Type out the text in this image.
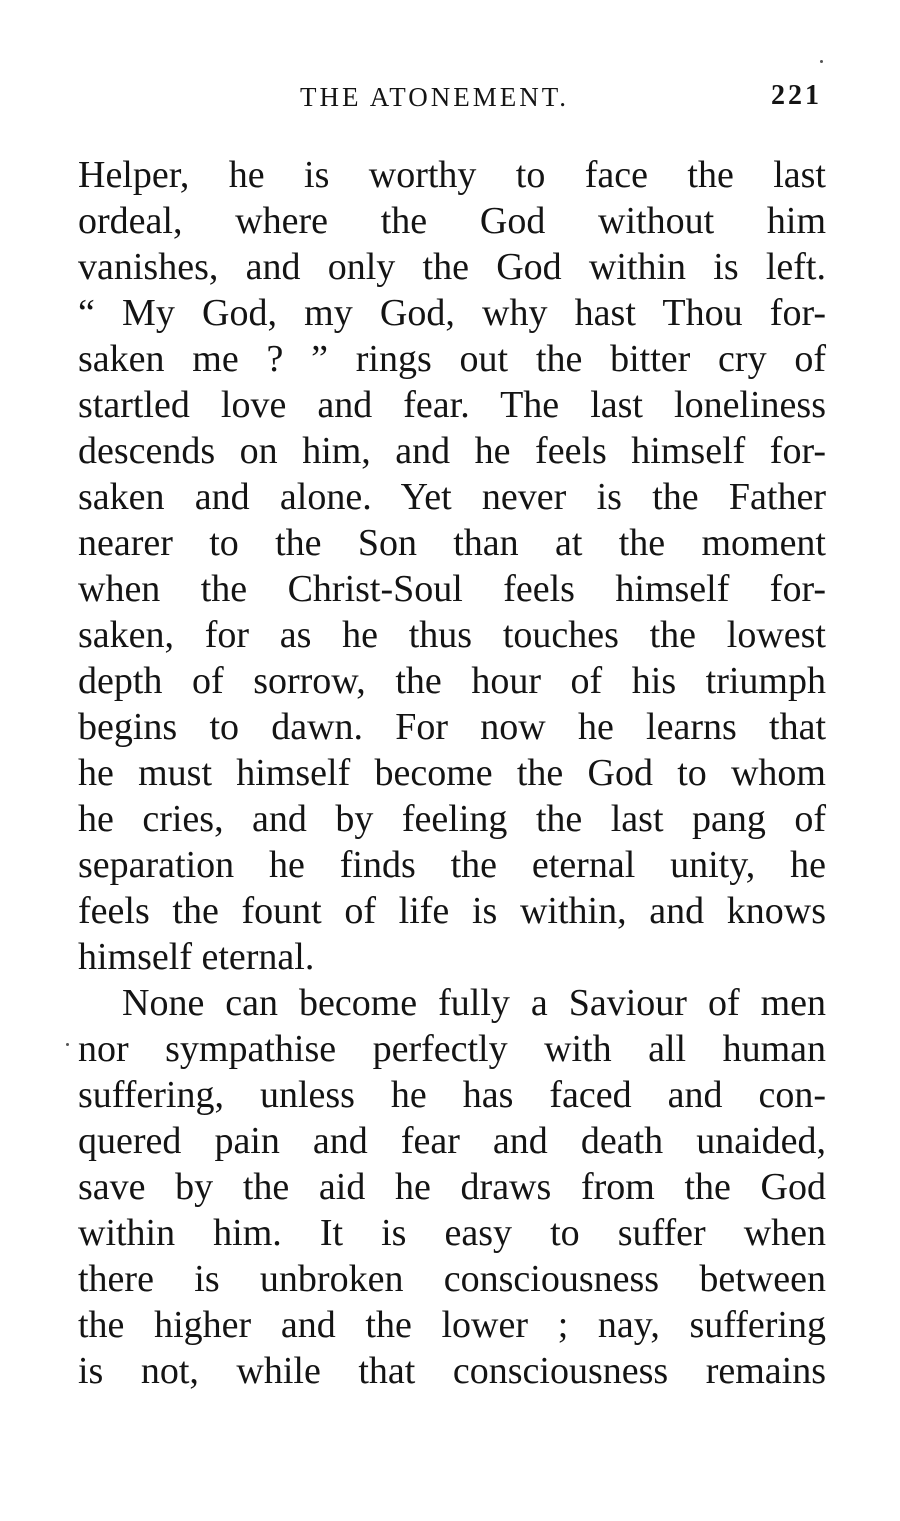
THE ATONEMENT.	221
Helper, he is worthy to face the last
ordeal, where the God without him
vanishes, and only the God within is left.
“ My God, my God, why hast Thou for-
saken me ? ” rings out the bitter cry of
startled love and fear. The last loneliness
descends on him, and he feels himself for-
saken and alone. Yet never is the Father
nearer to the Son than at the moment
when the Christ-Soul feels himself for-
saken, for as he thus touches the lowest
depth of sorrow, the hour of his triumph
begins to dawn. For now he learns that
he must himself become the God to whom
he cries, and by feeling the last pang of
separation he finds the eternal unity, he
feels the fount of life is within, and knows
himself eternal.
None can become fully a Saviour of men
nor sympathise perfectly with all human
suffering, unless he has faced and con-
quered pain and fear and death unaided,
save by the aid he draws from the God
within him. It is easy to suffer when
there is unbroken consciousness between
the higher and the lower ; nay, suffering
is not, while that consciousness remains
